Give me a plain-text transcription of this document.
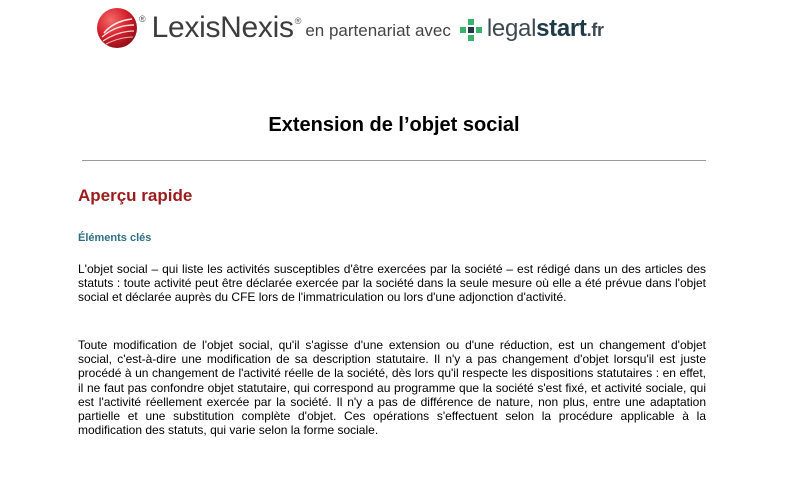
® LexisNexis ® en partenariat avec legalstart.fr
Extension de l’objet social
Aperçu rapide
Éléments clés

L'objet social – qui liste les activités susceptibles d'être exercées par la société – est rédigé dans un des articles des statuts : toute activité peut être déclarée exercée par la société dans la seule mesure où elle a été prévue dans l'objet social et déclarée auprès du CFE lors de l'immatriculation ou lors d'une adjonction d'activité.

Toute modification de l'objet social, qu'il s'agisse d'une extension ou d'une réduction, est un changement d'objet social, c'est-à-dire une modification de sa description statutaire. Il n'y a pas changement d'objet lorsqu'il est juste procédé à un changement de l'activité réelle de la société, dès lors qu'il respecte les dispositions statutaires : en effet, il ne faut pas confondre objet statutaire, qui correspond au programme que la société s'est fixé, et activité sociale, qui est l'activité réellement exercée par la société. Il n'y a pas de différence de nature, non plus, entre une adaptation partielle et une substitution complète d'objet. Ces opérations s'effectuent selon la procédure applicable à la modification des statuts, qui varie selon la forme sociale.
